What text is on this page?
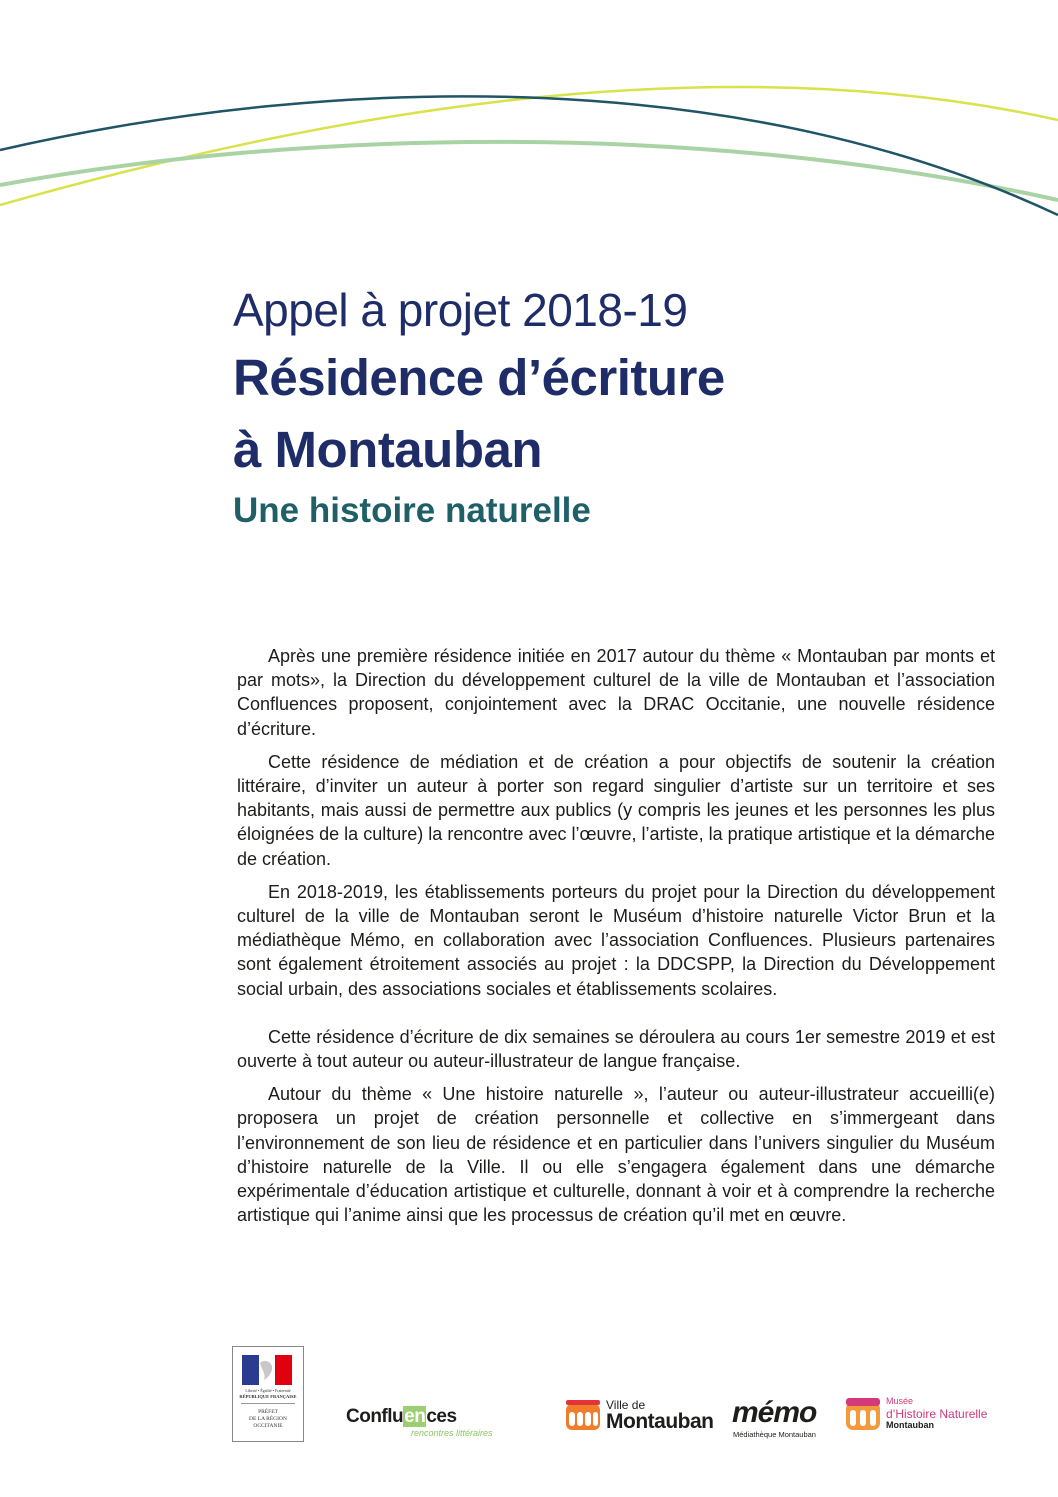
Appel à projet 2018-19
Résidence d’écriture
à Montauban
Une histoire naturelle

Après une première résidence initiée en 2017 autour du thème « Montauban par monts et par mots», la Direction du développement culturel de la ville de Montauban et l’association Confluences proposent, conjointement avec la DRAC Occitanie, une nouvelle résidence d’écriture.

Cette résidence de médiation et de création a pour objectifs de soutenir la création littéraire, d’inviter un auteur à porter son regard singulier d’artiste sur un territoire et ses habitants, mais aussi de permettre aux publics (y compris les jeunes et les personnes les plus éloignées de la culture) la rencontre avec l’œuvre, l’artiste, la pratique artistique et la démarche de création.

En 2018-2019, les établissements porteurs du projet pour la Direction du développement culturel de la ville de Montauban seront le Muséum d’histoire naturelle Victor Brun et la médiathèque Mémo, en collaboration avec l’association Confluences. Plusieurs partenaires sont également étroitement associés au projet : la DDCSPP, la Direction du Développement social urbain, des associations sociales et établissements scolaires.

Cette résidence d’écriture de dix semaines se déroulera au cours 1er semestre 2019 et est ouverte à tout auteur ou auteur-illustrateur de langue française.

Autour du thème « Une histoire naturelle », l’auteur ou auteur-illustrateur accueilli(e) proposera un projet de création personnelle et collective en s’immergeant dans l’environnement de son lieu de résidence et en particulier dans l’univers singulier du Muséum d’histoire naturelle de la Ville. Il ou elle s’engagera également dans une démarche expérimentale d’éducation artistique et culturelle, donnant à voir et à comprendre la recherche artistique qui l’anime ainsi que les processus de création qu’il met en œuvre.

Liberté • Égalité • Fraternité
RÉPUBLIQUE FRANÇAISE
PRÉFET
DE LA RÉGION
OCCITANIE	Confluences
rencontres littéraires
Ville de
Montauban mémo
Médiathèque Montauban
Musée
d’Histoire Naturelle
Montauban
